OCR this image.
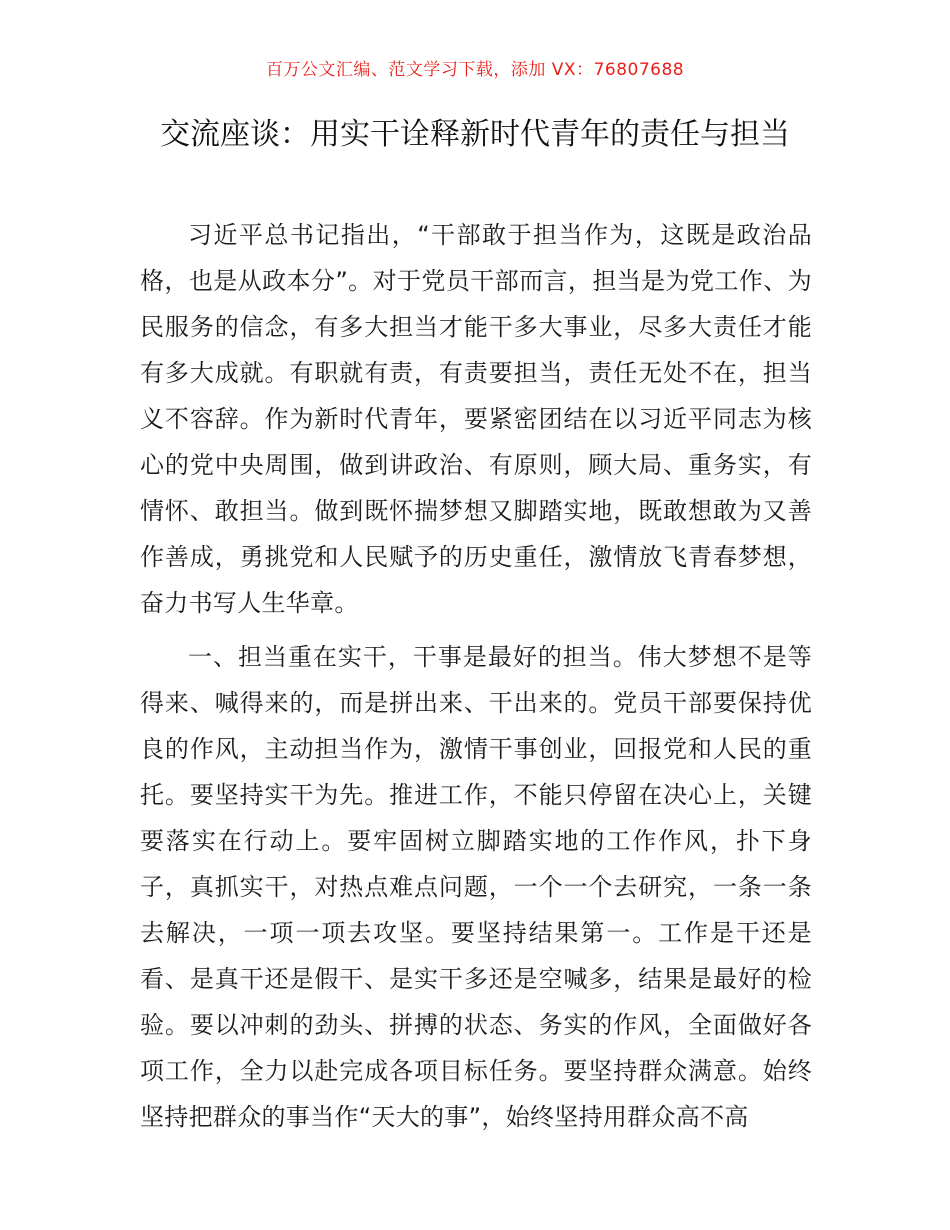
百万公文汇编、范文学习下载，添加 VX：76807688
交流座谈：用实干诠释新时代青年的责任与担当

习近平总书记指出，“干部敢于担当作为，这既是政治品格，也是从政本分”。对于党员干部而言，担当是为党工作、为民服务的信念，有多大担当才能干多大事业，尽多大责任才能有多大成就。有职就有责，有责要担当，责任无处不在，担当义不容辞。作为新时代青年，要紧密团结在以习近平同志为核心的党中央周围，做到讲政治、有原则，顾大局、重务实，有情怀、敢担当。做到既怀揣梦想又脚踏实地，既敢想敢为又善作善成，勇挑党和人民赋予的历史重任，激情放飞青春梦想，奋力书写人生华章。

一、担当重在实干，干事是最好的担当。伟大梦想不是等得来、喊得来的，而是拼出来、干出来的。党员干部要保持优良的作风，主动担当作为，激情干事创业，回报党和人民的重托。要坚持实干为先。推进工作，不能只停留在决心上，关键要落实在行动上。要牢固树立脚踏实地的工作作风，扑下身子，真抓实干，对热点难点问题，一个一个去研究，一条一条去解决，一项一项去攻坚。要坚持结果第一。工作是干还是看、是真干还是假干、是实干多还是空喊多，结果是最好的检验。要以冲刺的劲头、拼搏的状态、务实的作风，全面做好各项工作，全力以赴完成各项目标任务。要坚持群众满意。始终坚持把群众的事当作“天大的事”，始终坚持用群众高不高
